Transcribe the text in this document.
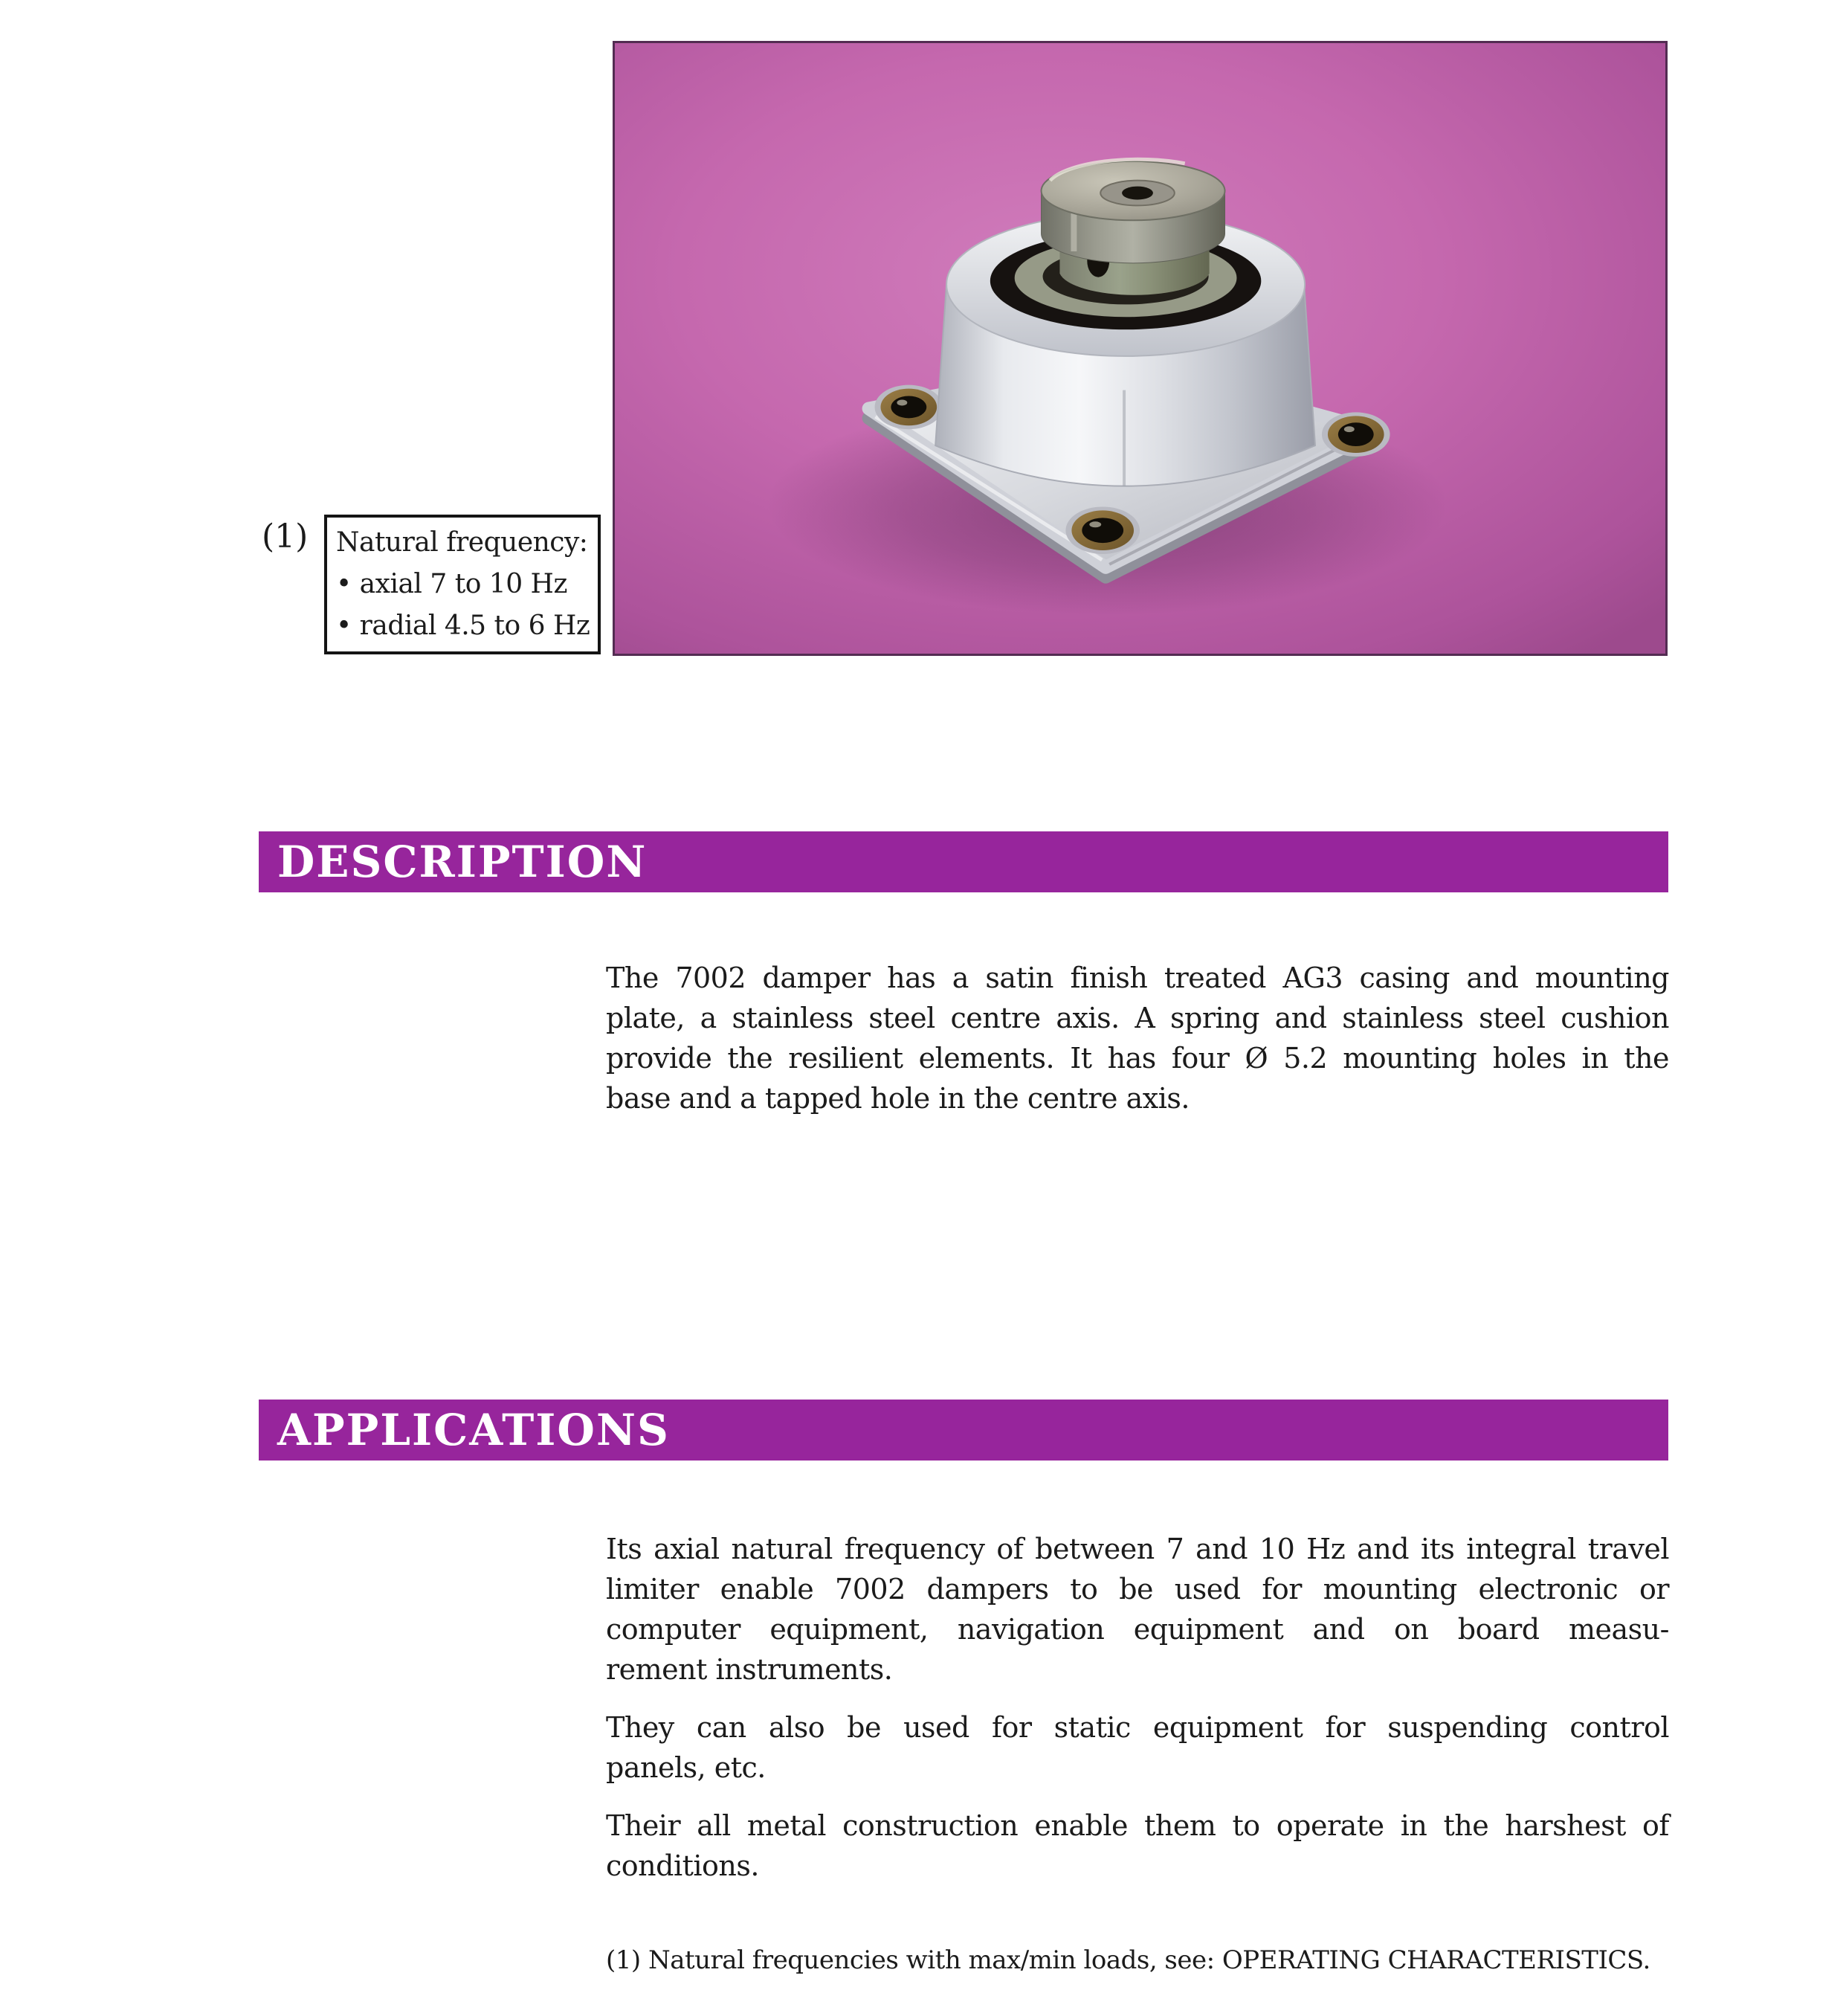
(1) Natural frequency:
• axial 7 to 10 Hz
• radial 4.5 to 6 Hz
DESCRIPTION
The 7002 damper has a satin finish treated AG3 casing and mounting
plate, a stainless steel centre axis. A spring and stainless steel cushion
provide the resilient elements. It has four Ø 5.2 mounting holes in the
base and a tapped hole in the centre axis.
APPLICATIONS
Its axial natural frequency of between 7 and 10 Hz and its integral travel
limiter enable 7002 dampers to be used for mounting electronic or
computer equipment, navigation equipment and on board measu-
rement instruments.
They can also be used for static equipment for suspending control
panels, etc.
Their all metal construction enable them to operate in the harshest of
conditions.
(1) Natural frequencies with max/min loads, see: OPERATING CHARACTERISTICS.
